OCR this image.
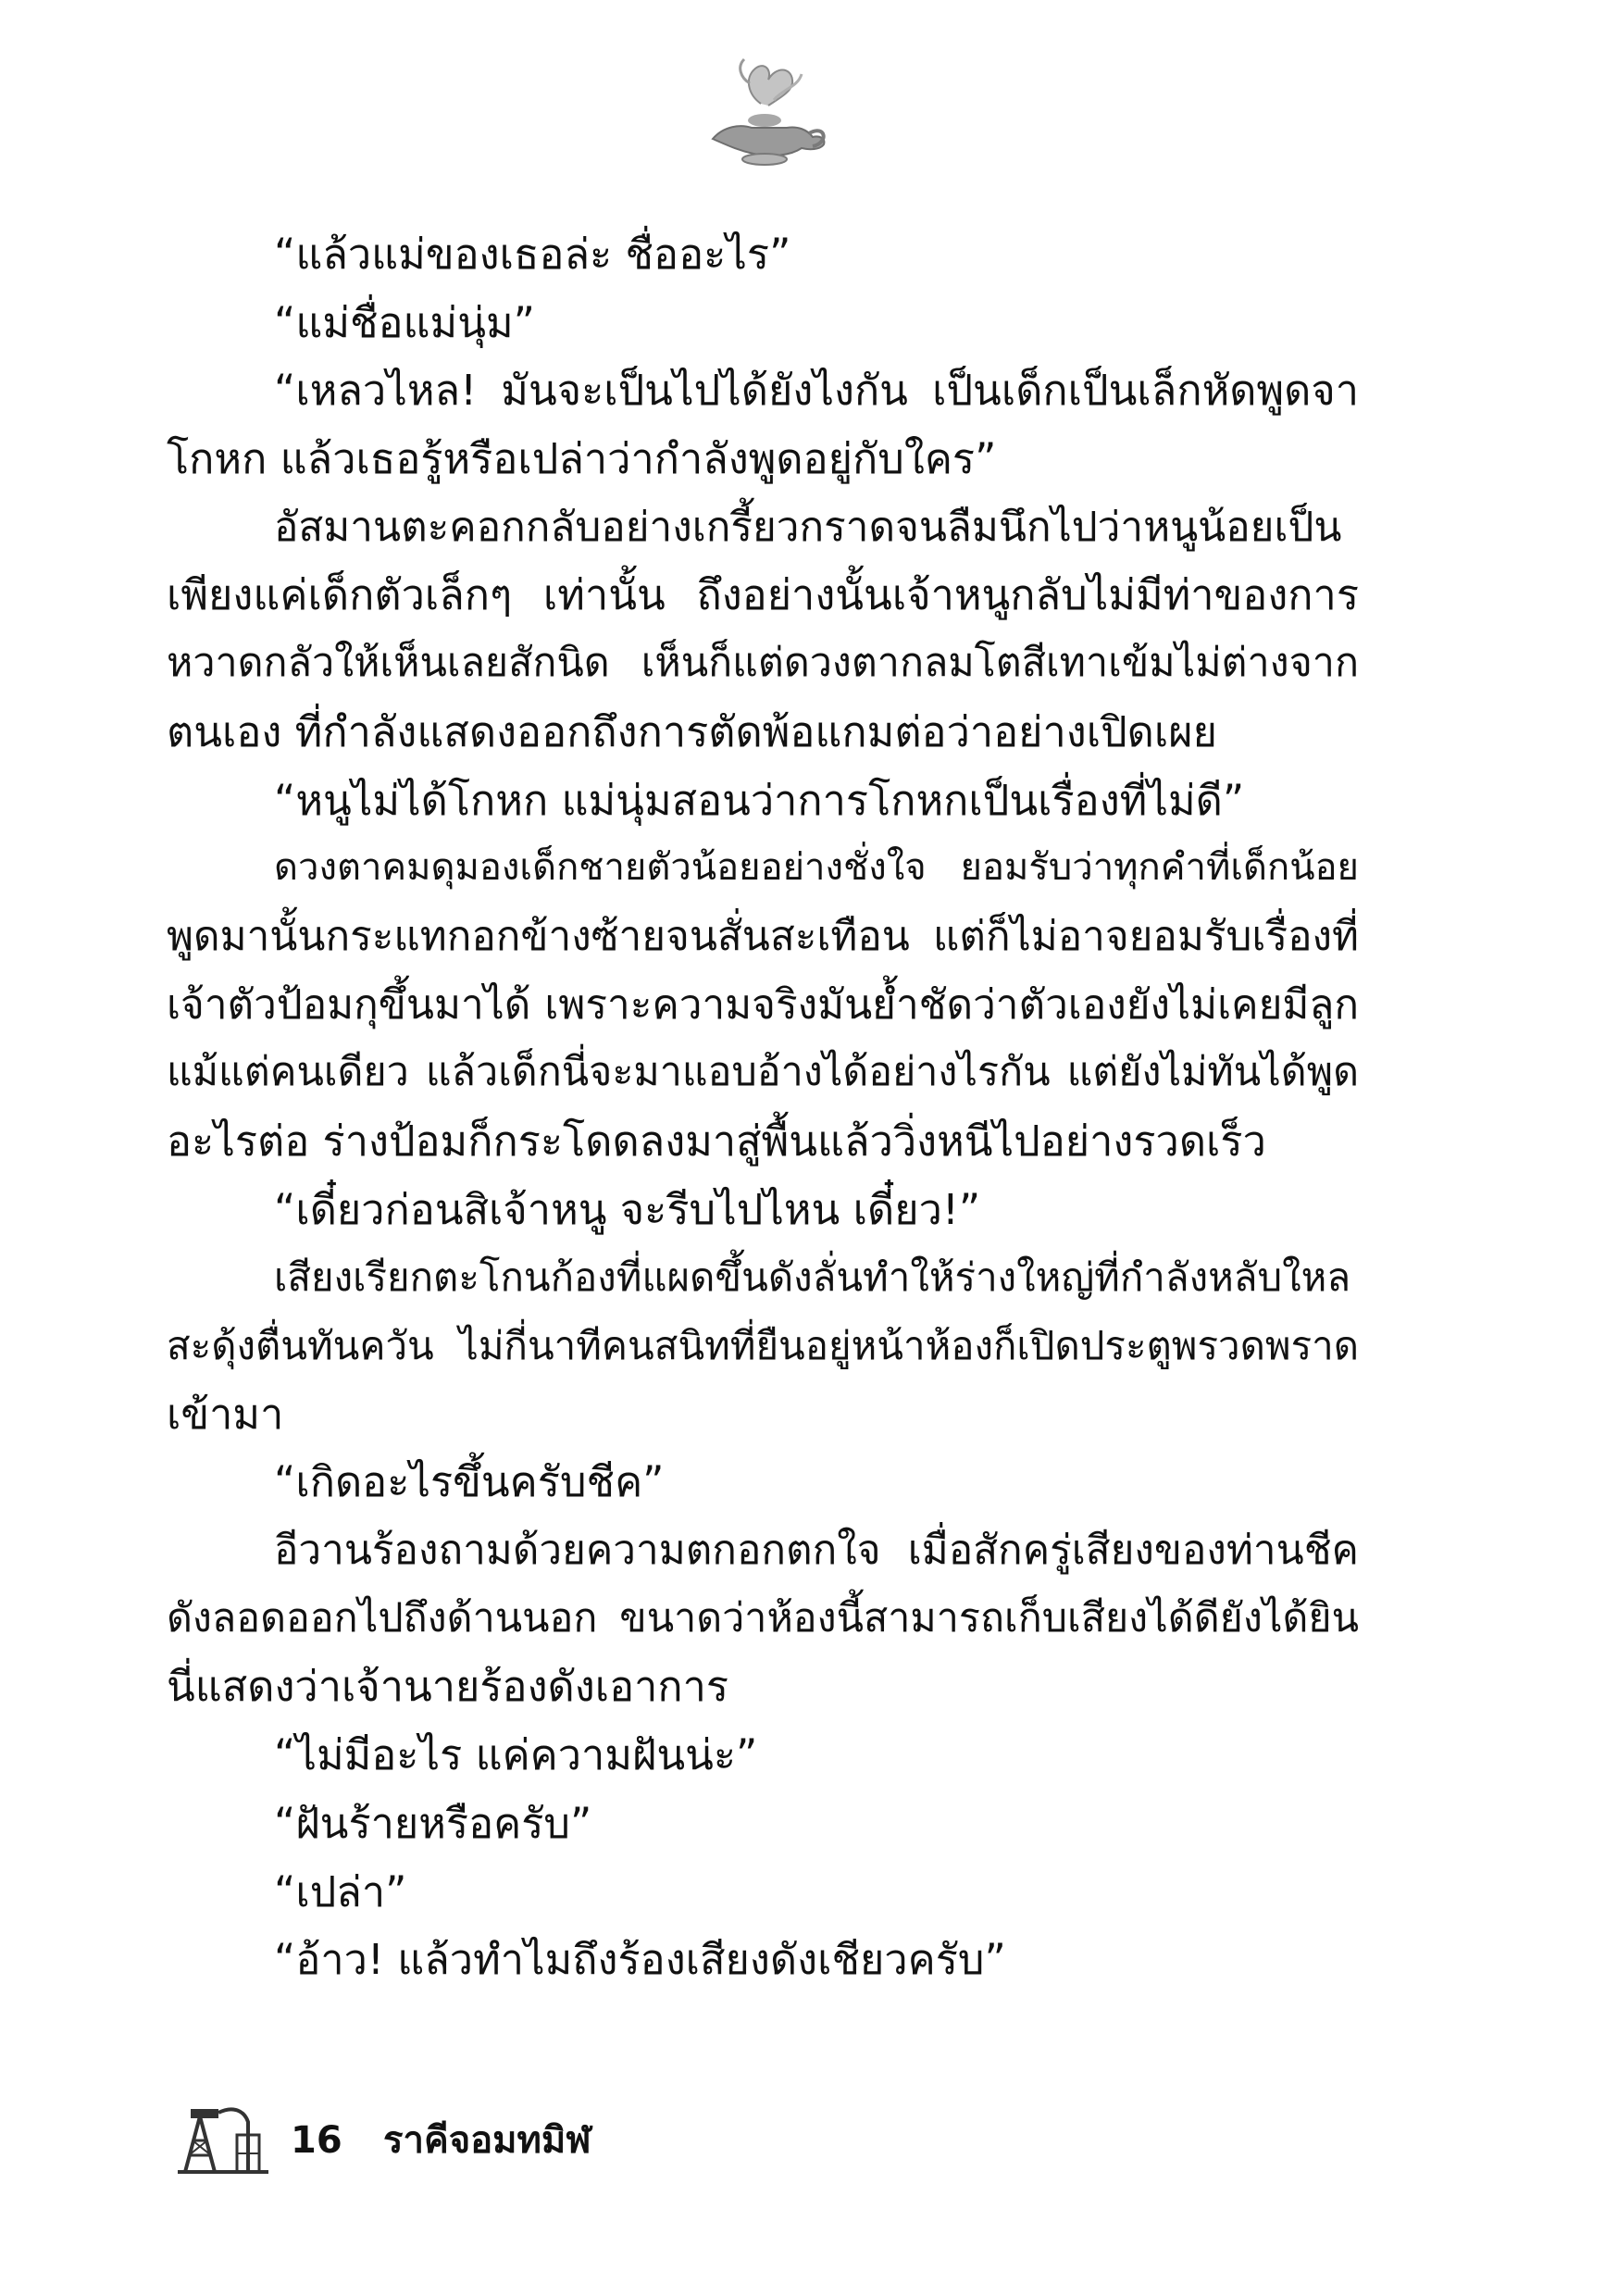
“แล้วแม่ของเธอล่ะ ชื่ออะไร”
“แม่ชื่อแม่นุ่ม”
“เหลวไหล! มันจะเป็นไปได้ยังไงกัน เป็นเด็กเป็นเล็กหัดพูดจา
โกหก แล้วเธอรู้หรือเปล่าว่ากำลังพูดอยู่กับใคร”
อัสมานตะคอกกลับอย่างเกรี้ยวกราดจนลืมนึกไปว่าหนูน้อยเป็น
เพียงแค่เด็กตัวเล็กๆ เท่านั้น ถึงอย่างนั้นเจ้าหนูกลับไม่มีท่าของการ
หวาดกลัวให้เห็นเลยสักนิด เห็นก็แต่ดวงตากลมโตสีเทาเข้มไม่ต่างจาก
ตนเอง ที่กำลังแสดงออกถึงการตัดพ้อแกมต่อว่าอย่างเปิดเผย
“หนูไม่ได้โกหก แม่นุ่มสอนว่าการโกหกเป็นเรื่องที่ไม่ดี”
ดวงตาคมดุมองเด็กชายตัวน้อยอย่างชั่งใจ ยอมรับว่าทุกคำที่เด็กน้อย
พูดมานั้นกระแทกอกข้างซ้ายจนสั่นสะเทือน แต่ก็ไม่อาจยอมรับเรื่องที่
เจ้าตัวป้อมกุขึ้นมาได้ เพราะความจริงมันย้ำชัดว่าตัวเองยังไม่เคยมีลูก
แม้แต่คนเดียว แล้วเด็กนี่จะมาแอบอ้างได้อย่างไรกัน แต่ยังไม่ทันได้พูด
อะไรต่อ ร่างป้อมก็กระโดดลงมาสู่พื้นแล้ววิ่งหนีไปอย่างรวดเร็ว
“เดี๋ยวก่อนสิเจ้าหนู จะรีบไปไหน เดี๋ยว!”
เสียงเรียกตะโกนก้องที่แผดขึ้นดังลั่นทำให้ร่างใหญ่ที่กำลังหลับใหล
สะดุ้งตื่นทันควัน ไม่กี่นาทีคนสนิทที่ยืนอยู่หน้าห้องก็เปิดประตูพรวดพราด
เข้ามา
“เกิดอะไรขึ้นครับชีค”
อีวานร้องถามด้วยความตกอกตกใจ เมื่อสักครู่เสียงของท่านชีค
ดังลอดออกไปถึงด้านนอก ขนาดว่าห้องนี้สามารถเก็บเสียงได้ดียังได้ยิน
นี่แสดงว่าเจ้านายร้องดังเอาการ
“ไม่มีอะไร แค่ความฝันน่ะ”
“ฝันร้ายหรือครับ”
“เปล่า”
“อ้าว! แล้วทำไมถึงร้องเสียงดังเชียวครับ”
16 ราคีจอมทมิฬ
